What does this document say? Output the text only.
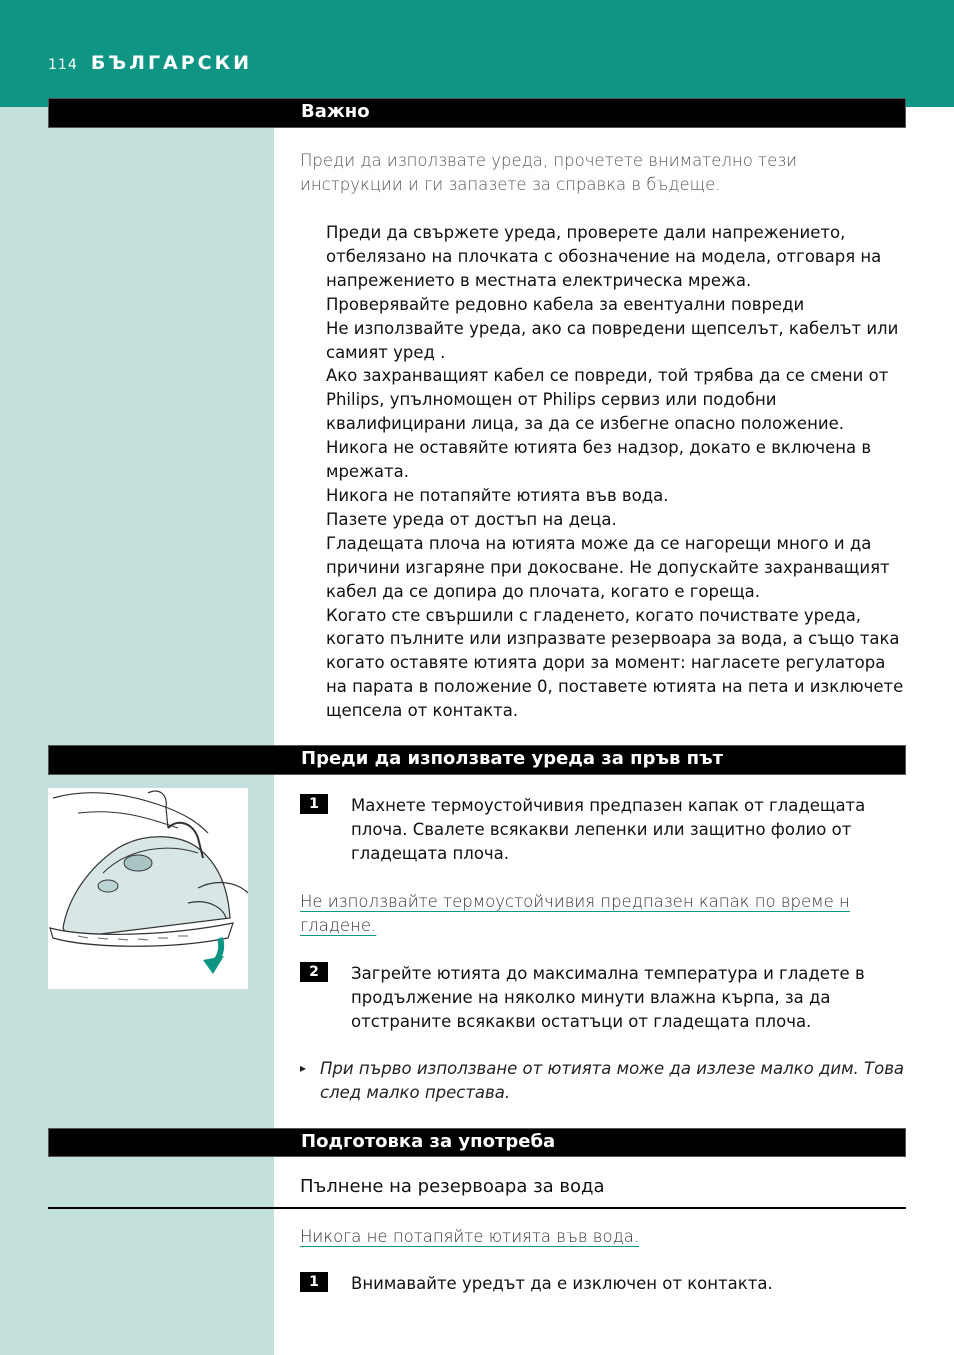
114 БЪЛГАРСКИ
Важно
Преди да използвате уреда, прочетете внимателно тези инструкции и ги запазете за справка в бъдеще.

Преди да свържете уреда, проверете дали напрежението, отбелязано на плочката с обозначение на модела, отговаря на напрежението в местната електрическа мрежа.

Проверявайте редовно кабела за евентуални повреди

Не използвайте уреда, ако са повредени щепселът, кабелът или самият уред .

Ако захранващият кабел се повреди, той трябва да се смени от Philips, упълномощен от Philips сервиз или подобни квалифицирани лица, за да се избегне опасно положение.

Никога не оставяйте ютията без надзор, докато е включена в мрежата.

Никога не потапяйте ютията във вода.

Пазете уреда от достъп на деца.

Гладещата плоча на ютията може да се нагорещи много и да причини изгаряне при докосване. Не допускайте захранващият кабел да се допира до плочата, когато е гореща.

Когато сте свършили с гладенето, когато почиствате уреда, когато пълните или изпразвате резервоара за вода, а също така когато оставяте ютията дори за момент: нагласете регулатора на парата в положение 0, поставете ютията на пета и изключете щепсела от контакта.

Преди да използвате уреда за пръв път
1	Махнете термоустойчивия предпазен капак от гладещата плоча. Свалете всякакви лепенки или защитно фолио от гладещата плоча.
Не използвайте термоустойчивия предпазен капак по време н гладене.
2	Загрейте ютията до максимална температура и гладете в продължение на няколко минути влажна кърпа, за да отстраните всякакви остатъци от гладещата плоча.
▸ При първо използване от ютията може да излезе малко дим. Това след малко престава.
Подготовка за употреба
Пълнене на резервоара за вода
Никога не потапяйте ютията във вода.
1	Внимавайте уредът да е изключен от контакта.
